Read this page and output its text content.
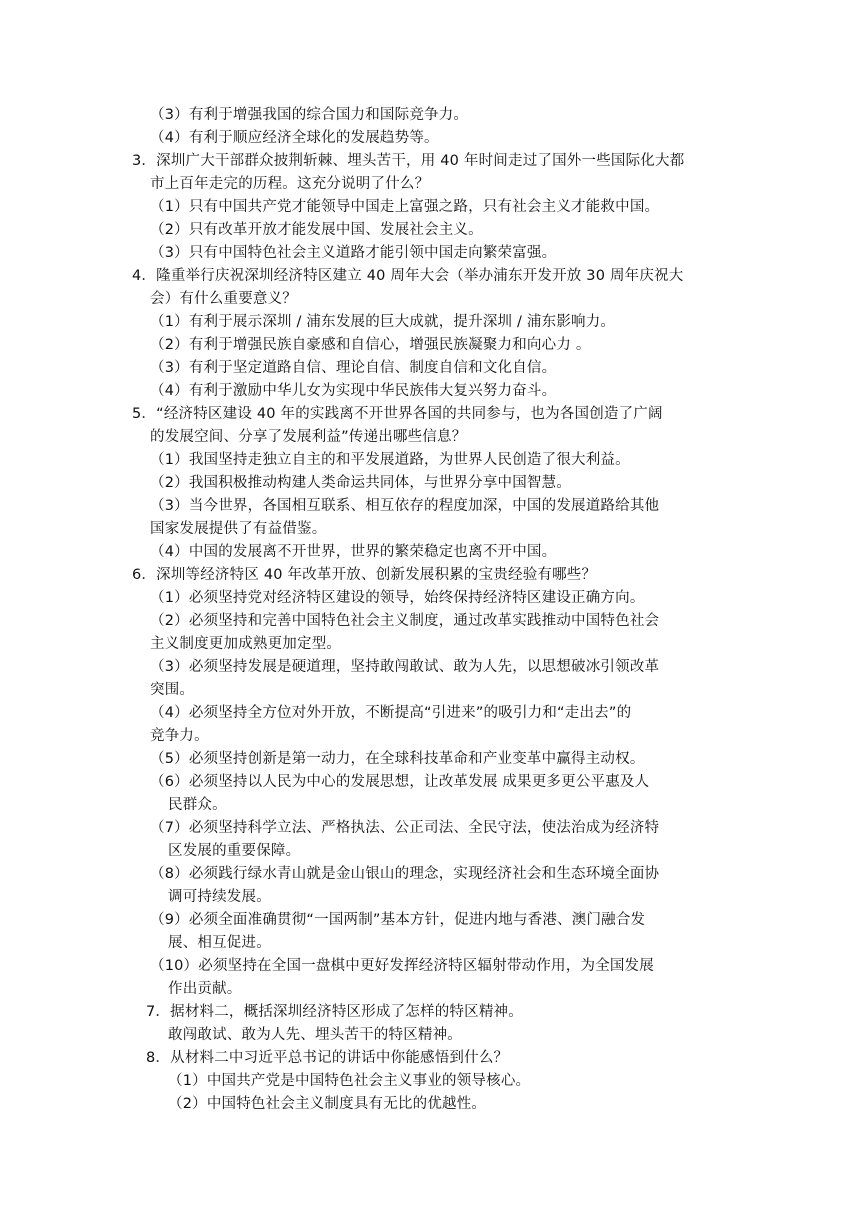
（3）有利于增强我国的综合国力和国际竞争力。
（4）有利于顺应经济全球化的发展趋势等。
3．深圳广大干部群众披荆斩棘、埋头苦干，用 40 年时间走过了国外一些国际化大都
市上百年走完的历程。这充分说明了什么？
（1）只有中国共产党才能领导中国走上富强之路，只有社会主义才能救中国。
（2）只有改革开放才能发展中国、发展社会主义。
（3）只有中国特色社会主义道路才能引领中国走向繁荣富强。
4．隆重举行庆祝深圳经济特区建立 40 周年大会（举办浦东开发开放 30 周年庆祝大
会）有什么重要意义？
（1）有利于展示深圳 / 浦东发展的巨大成就，提升深圳 / 浦东影响力。
（2）有利于增强民族自豪感和自信心，增强民族凝聚力和向心力 。
（3）有利于坚定道路自信、理论自信、制度自信和文化自信。
（4）有利于激励中华儿女为实现中华民族伟大复兴努力奋斗。
5．“经济特区建设 40 年的实践离不开世界各国的共同参与，也为各国创造了广阔
的发展空间、分享了发展利益”传递出哪些信息？
（1）我国坚持走独立自主的和平发展道路，为世界人民创造了很大利益。
（2）我国积极推动构建人类命运共同体，与世界分享中国智慧。
（3）当今世界，各国相互联系、相互依存的程度加深，中国的发展道路给其他
国家发展提供了有益借鉴。
（4）中国的发展离不开世界，世界的繁荣稳定也离不开中国。
6．深圳等经济特区 40 年改革开放、创新发展积累的宝贵经验有哪些？
（1）必须坚持党对经济特区建设的领导，始终保持经济特区建设正确方向。
（2）必须坚持和完善中国特色社会主义制度，通过改革实践推动中国特色社会
主义制度更加成熟更加定型。
（3）必须坚持发展是硬道理，坚持敢闯敢试、敢为人先，以思想破冰引领改革
突围。
（4）必须坚持全方位对外开放，不断提高“引进来”的吸引力和“走出去”的
竞争力。
（5）必须坚持创新是第一动力，在全球科技革命和产业变革中赢得主动权。
（6）必须坚持以人民为中心的发展思想，让改革发展 成果更多更公平惠及人
民群众。
（7）必须坚持科学立法、严格执法、公正司法、全民守法，使法治成为经济特
区发展的重要保障。
（8）必须践行绿水青山就是金山银山的理念，实现经济社会和生态环境全面协
调可持续发展。
（9）必须全面准确贯彻“一国两制”基本方针，促进内地与香港、澳门融合发
展、相互促进。
（10）必须坚持在全国一盘棋中更好发挥经济特区辐射带动作用，为全国发展
作出贡献。
7．据材料二，概括深圳经济特区形成了怎样的特区精神。
敢闯敢试、敢为人先、埋头苦干的特区精神。
8．从材料二中习近平总书记的讲话中你能感悟到什么？
（1）中国共产党是中国特色社会主义事业的领导核心。
（2）中国特色社会主义制度具有无比的优越性。
